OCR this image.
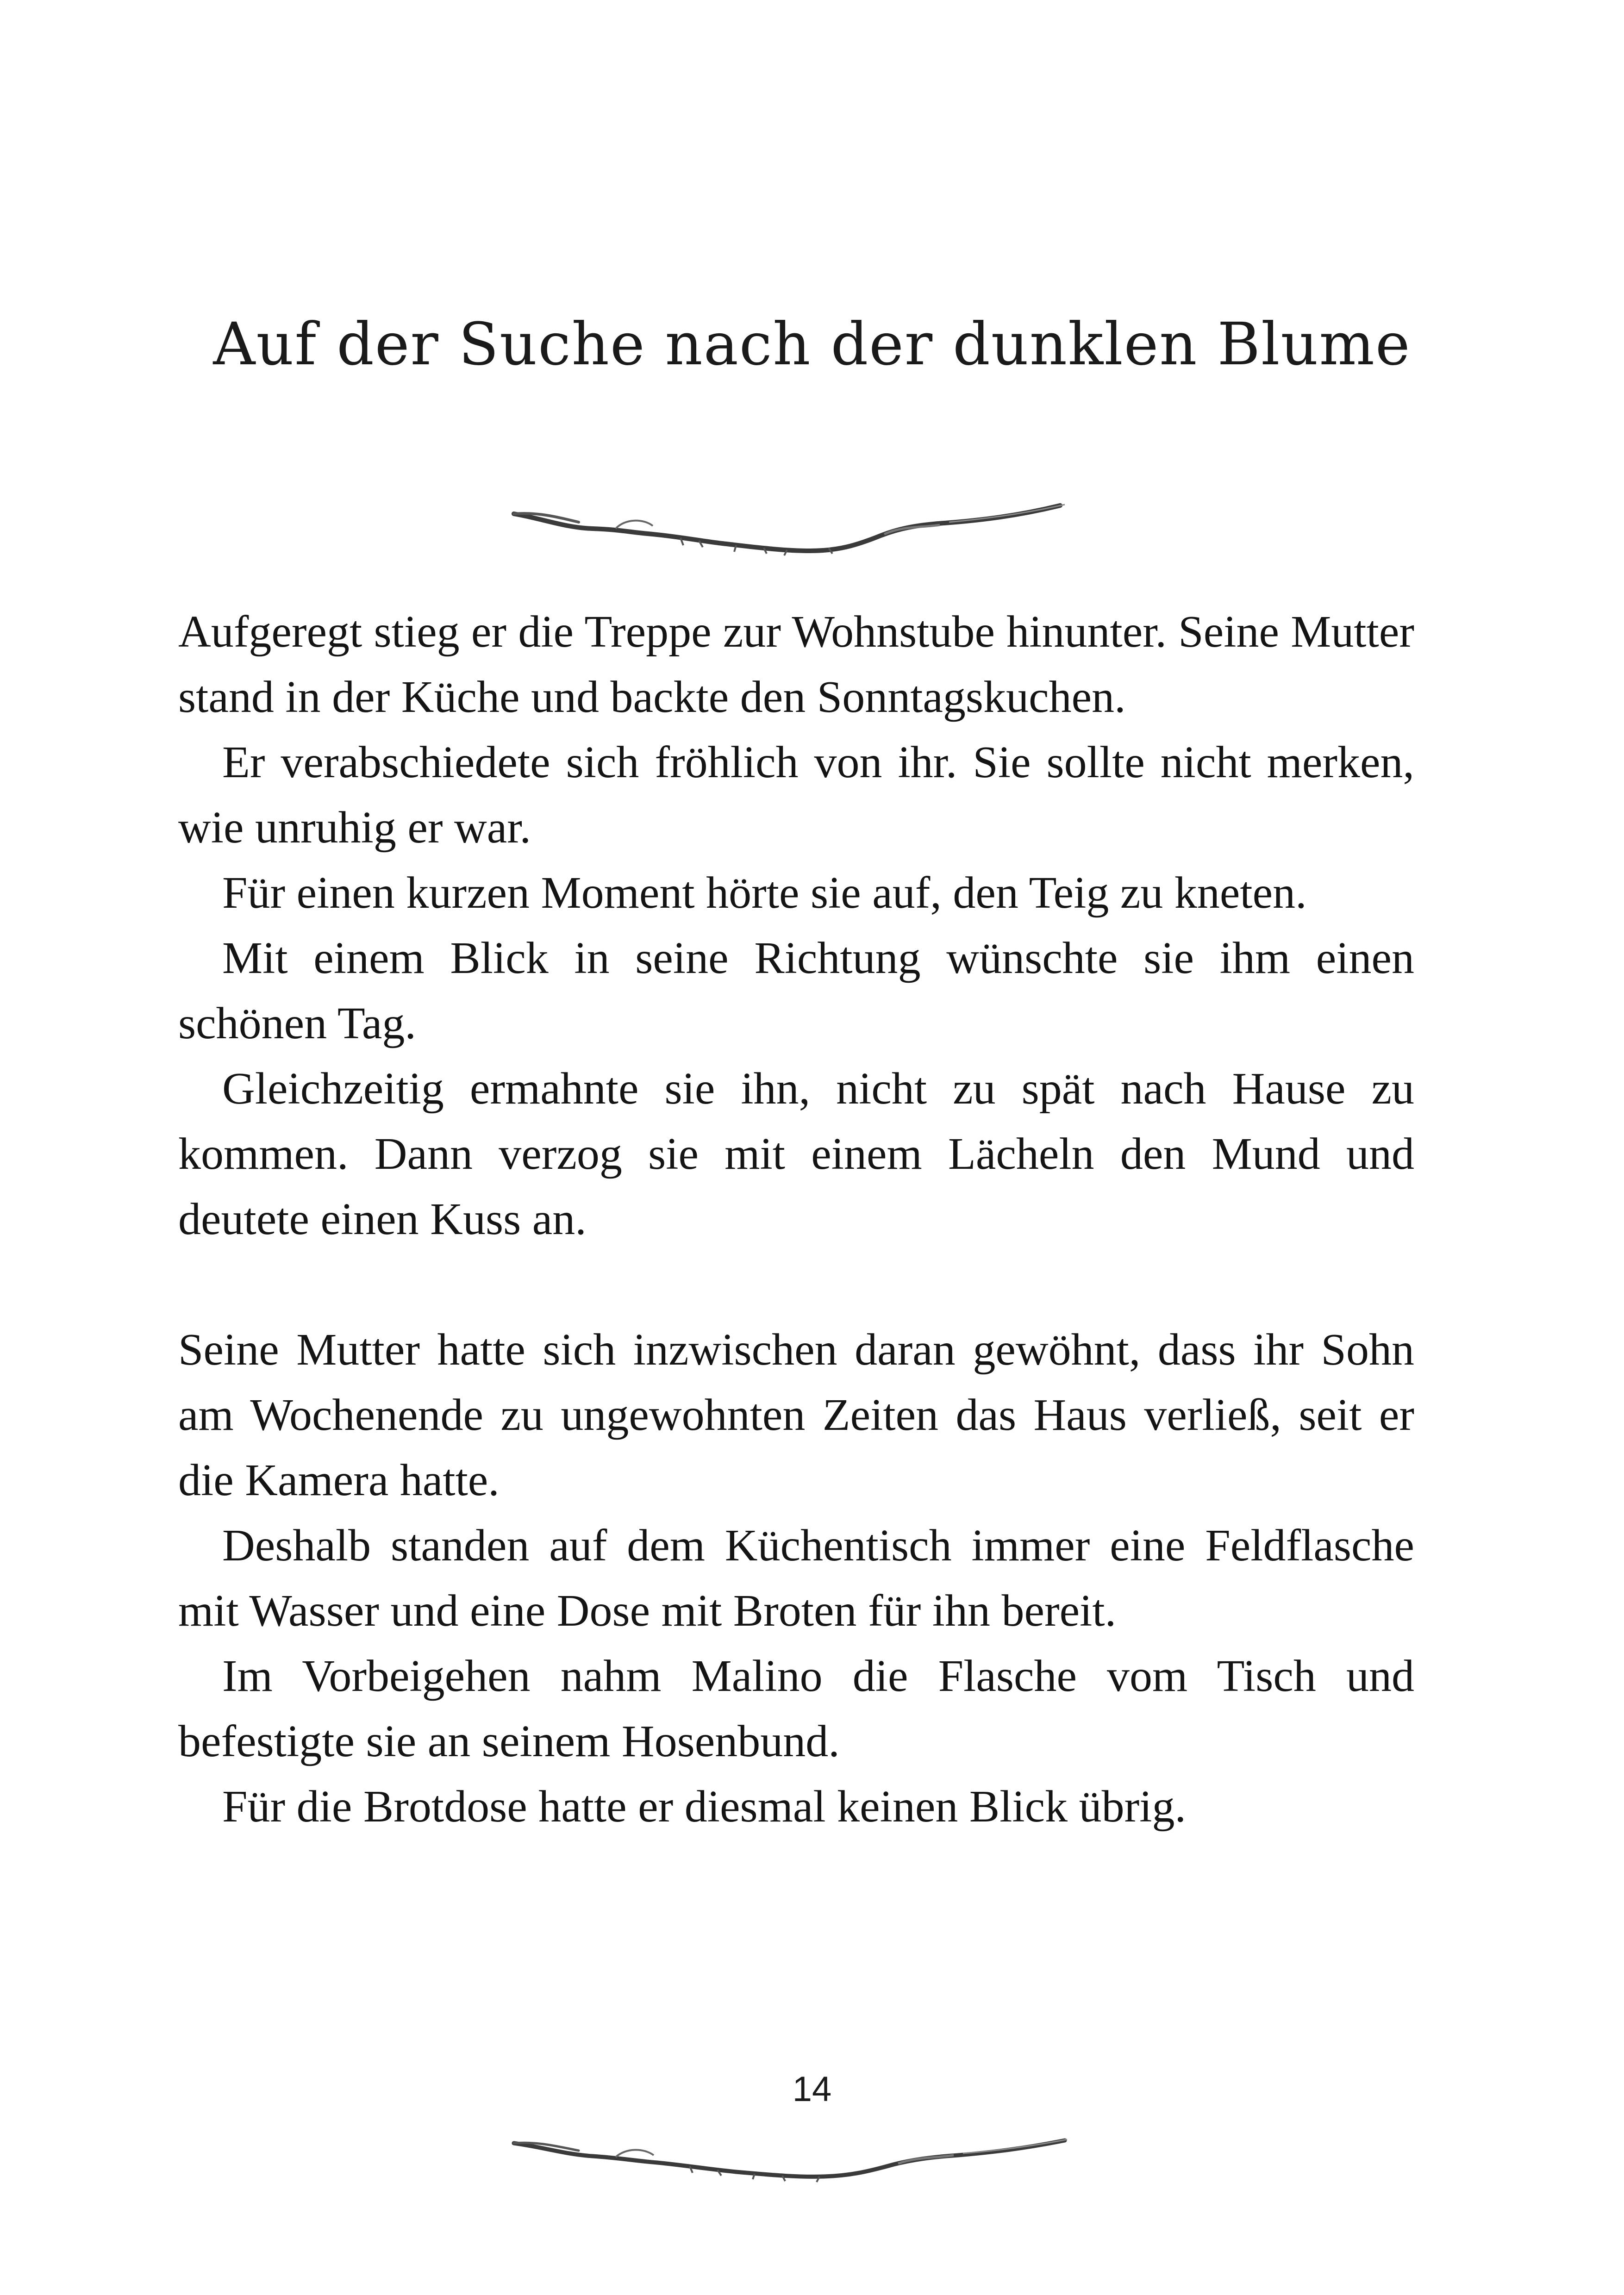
Auf der Suche nach der dunklen Blume

Aufgeregt stieg er die Treppe zur Wohnstube hinunter. Seine Mutter stand in der Küche und backte den Sonntagskuchen.

Er verabschiedete sich fröhlich von ihr. Sie sollte nicht merken, wie unruhig er war.

Für einen kurzen Moment hörte sie auf, den Teig zu kneten.

Mit einem Blick in seine Richtung wünschte sie ihm einen schönen Tag.

Gleichzeitig ermahnte sie ihn, nicht zu spät nach Hause zu kommen. Dann verzog sie mit einem Lächeln den Mund und deutete einen Kuss an.

Seine Mutter hatte sich inzwischen daran gewöhnt, dass ihr Sohn am Wochenende zu ungewohnten Zeiten das Haus verließ, seit er die Kamera hatte.

Deshalb standen auf dem Küchentisch immer eine Feldflasche mit Wasser und eine Dose mit Broten für ihn bereit.

Im Vorbeigehen nahm Malino die Flasche vom Tisch und befestigte sie an seinem Hosenbund.

Für die Brotdose hatte er diesmal keinen Blick übrig.

14
